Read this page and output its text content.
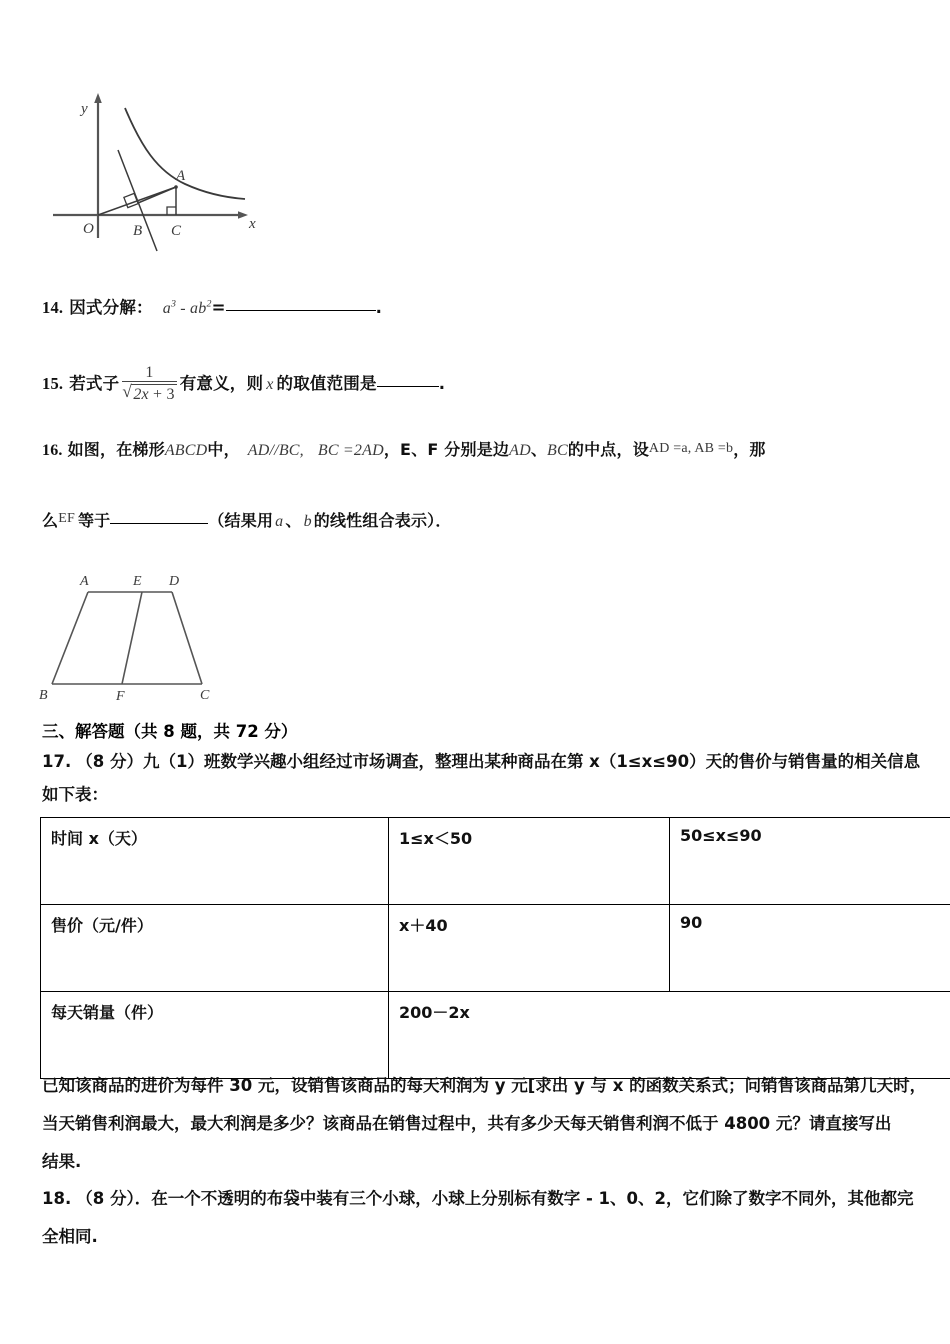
y
x
O	B C
A
14. 因式分解： $a^3 - ab^2=$	.
15. 若式子 1
√ 2x + 3 有意义，则 x 的取值范围是	.
16. 如图，在梯形ABCD中， AD//BC, BC =2AD，E、F 分别是边AD、BC的中点，设AD =a, AB =b，那
么EF 等于	（结果用 a 、 b 的线性组合表示）．
A	E D
B	F	C
三、解答题（共 8 题，共 72 分）
17. （8 分）九（1）班数学兴趣小组经过市场调查，整理出某种商品在第 x（1≤x≤90）天的售价与销售量的相关信息
如下表：
时间 x（天）	1≤x＜50	50≤x≤90
售价（元/件）	x＋40	90
每天销量（件）	200－2x	
已知该商品的进价为每件 30 元，设销售该商品的每天利润为 y 元[求出 y 与 x 的函数关系式；问销售该商品第几天时，
当天销售利润最大，最大利润是多少？该商品在销售过程中，共有多少天每天销售利润不低于 4800 元？请直接写出
结果.
18. （8 分）．在一个不透明的布袋中装有三个小球，小球上分别标有数字 - 1、0、2，它们除了数字不同外，其他都完
全相同.
